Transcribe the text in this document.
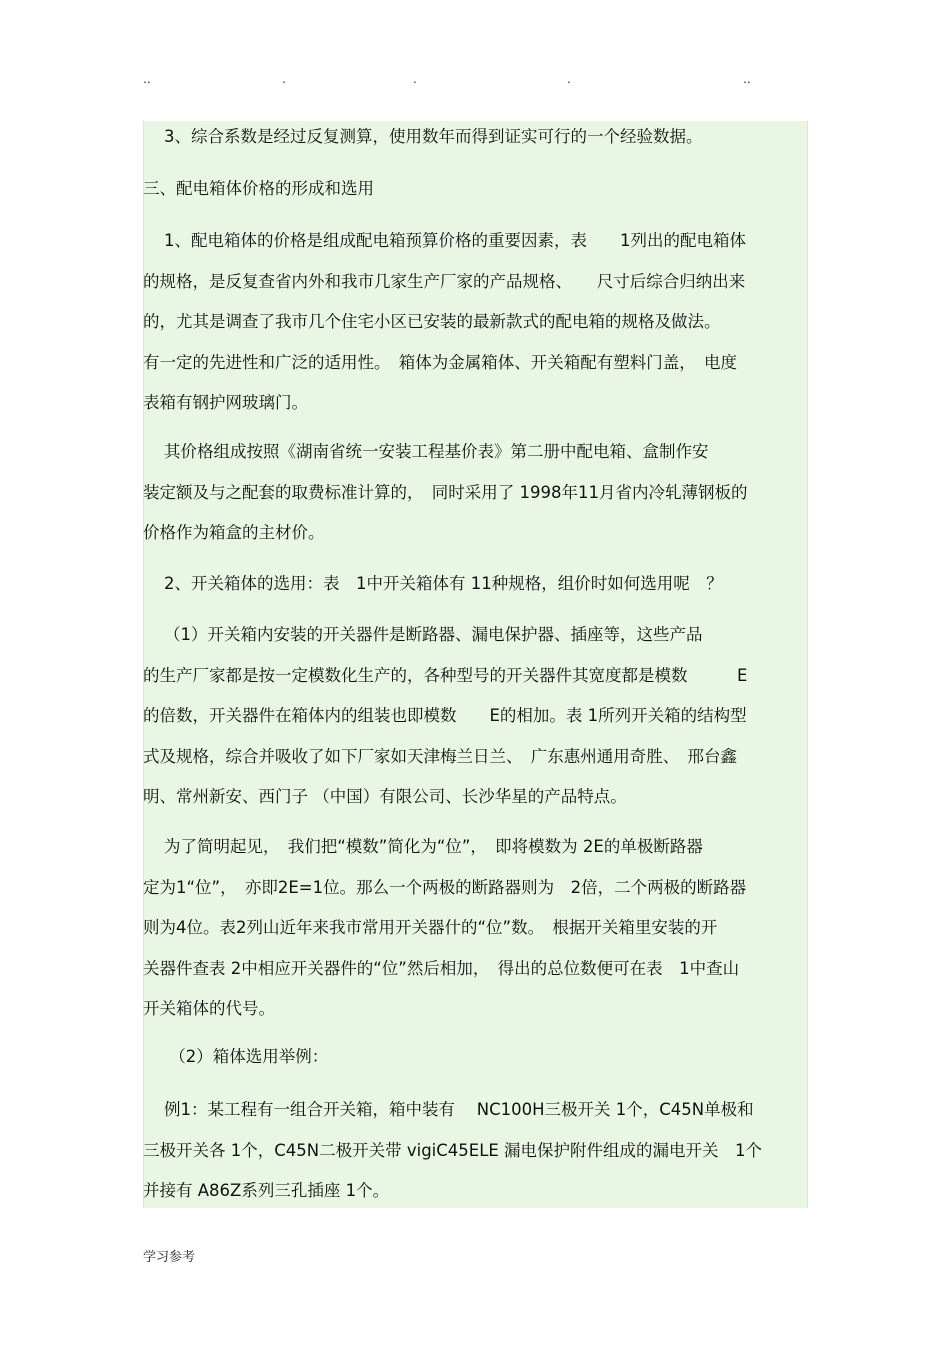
..	.	.	.	..
3、综合系数是经过反复测算，使用数年而得到证实可行的一个经验数据。
三、配电箱体价格的形成和选用
1、配电箱体的价格是组成配电箱预算价格的重要因素，表　　1列出的配电箱体
的规格，是反复查省内外和我市几家生产厂家的产品规格、　　尺寸后综合归纳出来
的，尤其是调查了我市几个住宅小区已安装的最新款式的配电箱的规格及做法。
有一定的先进性和广泛的适用性。　箱体为金属箱体、开关箱配有塑料门盖，　电度
表箱有钢护网玻璃门。
其价格组成按照《湖南省统一安装工程基价表》第二册中配电箱、盒制作安
装定额及与之配套的取费标准计算的，　同时采用了 1998年11月省内冷轧薄钢板的
价格作为箱盒的主材价。
2、开关箱体的选用：表　1中开关箱体有 11种规格，组价时如何选用呢　？
（1）开关箱内安装的开关器件是断路器、漏电保护器、插座等，这些产品
的生产厂家都是按一定模数化生产的，各种型号的开关器件其宽度都是模数　　　E
的倍数，开关器件在箱体内的组装也即模数　　E的相加。表 1所列开关箱的结构型
式及规格，综合并吸收了如下厂家如天津梅兰日兰、　广东惠州通用奇胜、　邢台鑫
明、常州新安、西门子 （中国）有限公司、长沙华星的产品特点。
为了简明起见，　我们把“模数”简化为“位”，　即将模数为 2E的单极断路器
定为1“位”，　亦即2E=1位。那么一个两极的断路器则为　2倍，二个两极的断路器
则为4位。表2列山近年来我市常用开关器什的“位”数。　根据开关箱里安装的开
关器件查表 2中相应开关器件的“位”然后相加，　得出的总位数便可在表　1中查山
开关箱体的代号。
（2）箱体选用举例：
例1：某工程有一组合开关箱，箱中装有　 NC100H三极开关 1个，C45N单极和
三极开关各 1个，C45N二极开关带 vigiC45ELE 漏电保护附件组成的漏电开关　1个
并接有 A86Z系列三孔插座 1个。
学习参考
